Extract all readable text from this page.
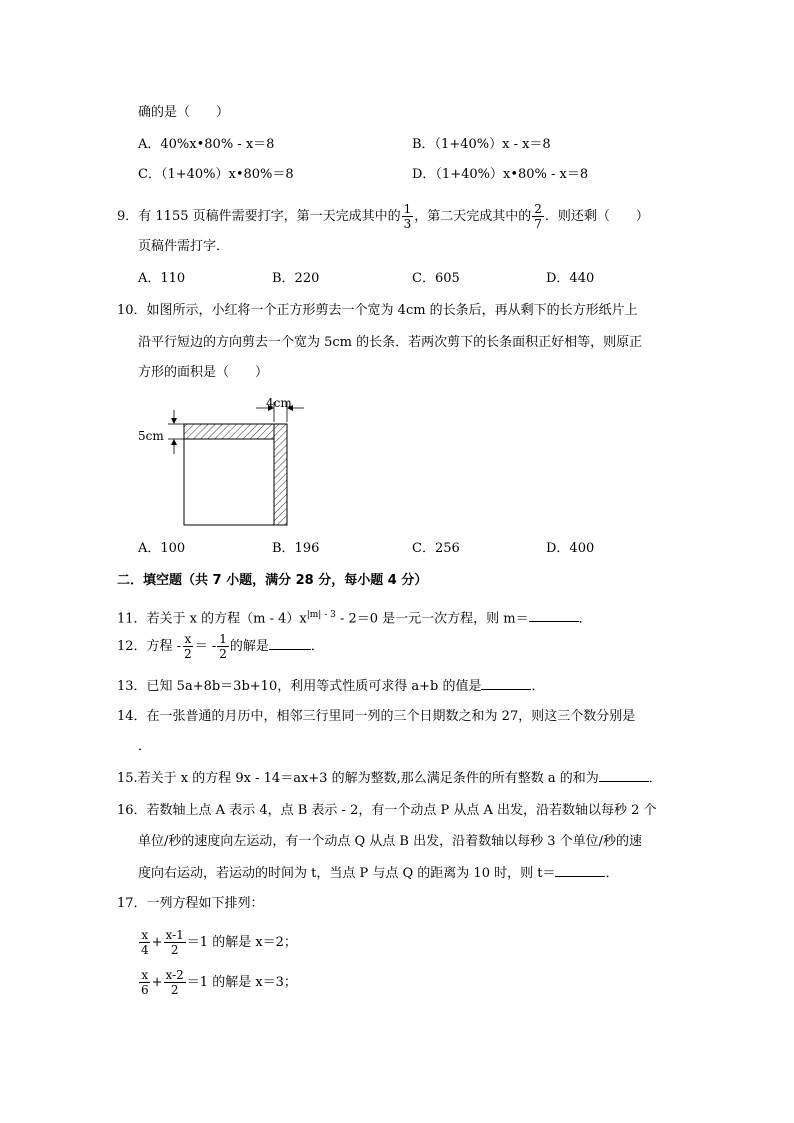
确的是（　　）
A．40%x•80% - x＝8	B．（1+40%）x - x＝8
C．（1+40%）x•80%＝8	D．（1+40%）x•80% - x＝8
9．有 1155 页稿件需要打字，第一天完成其中的 $\frac{1}{3}$ ，第二天完成其中的 $\frac{2}{7}$ ．则还剩（　　）
页稿件需打字．
A．110	B．220	C．605	D．440
10．如图所示，小红将一个正方形剪去一个宽为 4cm 的长条后，再从剩下的长方形纸片上
沿平行短边的方向剪去一个宽为 5cm 的长条．若两次剪下的长条面积正好相等，则原正
方形的面积是（　　）
4cm
5cm
A．100	B．196	C．256	D．400
二．填空题（共 7 小题，满分 28 分，每小题 4 分）
11．若关于 x 的方程$(m - 4)x^{|m| - 3} - 2=0$ 是一元一次方程，则 m＝	．
12．方程 - $\frac{x}{2}$ ＝ - $\frac{1}{2}$ 的解是	．
13．已知 5a+8b＝3b+10，利用等式性质可求得 a+b 的值是	．
14．在一张普通的月历中，相邻三行里同一列的三个日期数之和为 27，则这三个数分别是
．
15.若关于 x 的方程 9x - 14＝ax+3 的解为整数,那么满足条件的所有整数 a 的和为	．
16．若数轴上点 A 表示 4，点 B 表示 - 2，有一个动点 P 从点 A 出发，沿若数轴以每秒 2 个
单位/秒的速度向左运动，有一个动点 Q 从点 B 出发，沿着数轴以每秒 3 个单位/秒的速
度向右运动，若运动的时间为 t，当点 P 与点 Q 的距离为 10 时，则 t＝	．
17．一列方程如下排列：
$\frac{x}{4} + \frac{x-1}{2} =1$ 的解是 x＝2；
$\frac{x}{6} + \frac{x-2}{2} =1$ 的解是 x＝3；
